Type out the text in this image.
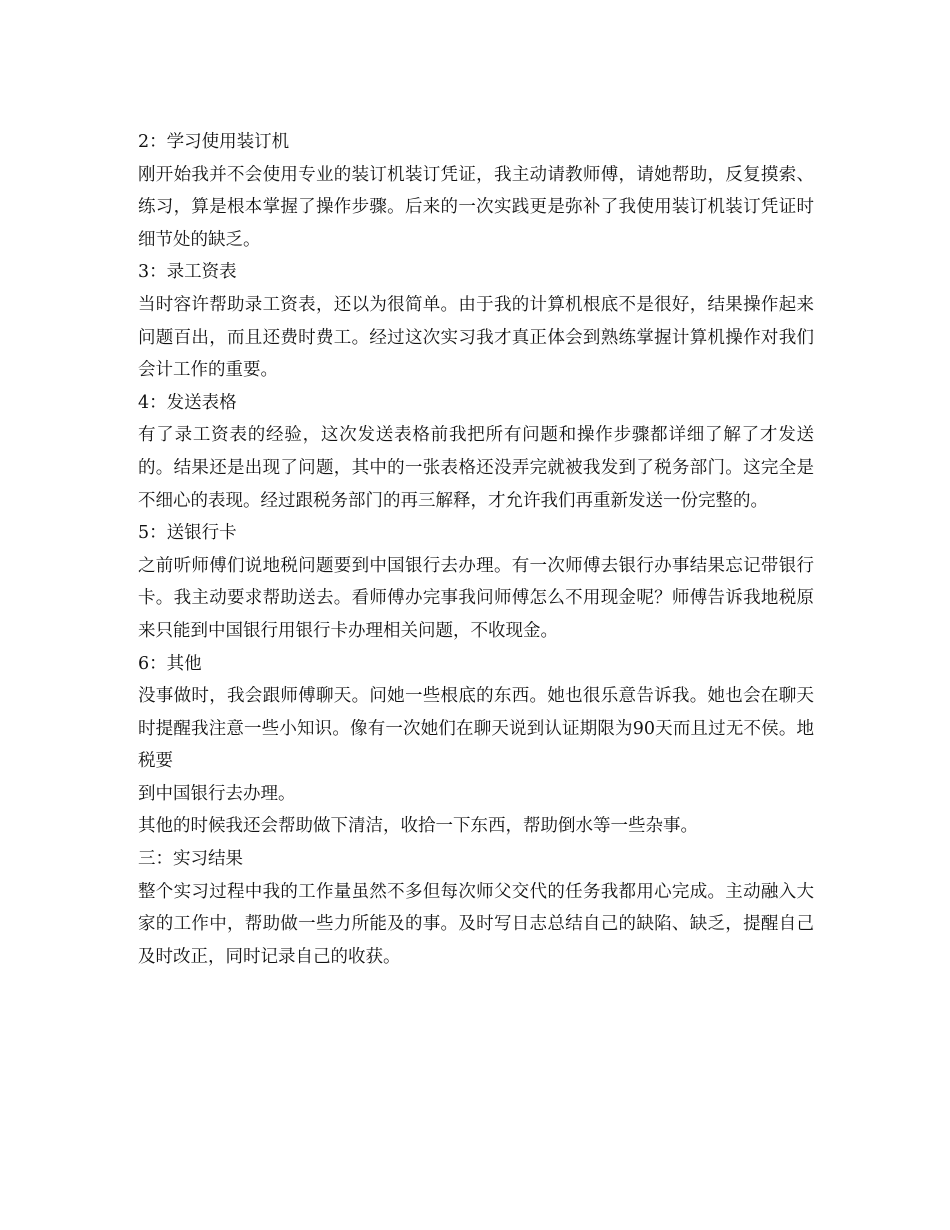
2：学习使用装订机

刚开始我并不会使用专业的装订机装订凭证，我主动请教师傅，请她帮助，反复摸索、练习，算是根本掌握了操作步骤。后来的一次实践更是弥补了我使用装订机装订凭证时细节处的缺乏。

3：录工资表

当时容许帮助录工资表，还以为很简单。由于我的计算机根底不是很好，结果操作起来问题百出，而且还费时费工。经过这次实习我才真正体会到熟练掌握计算机操作对我们会计工作的重要。

4：发送表格

有了录工资表的经验，这次发送表格前我把所有问题和操作步骤都详细了解了才发送的。结果还是出现了问题，其中的一张表格还没弄完就被我发到了税务部门。这完全是不细心的表现。经过跟税务部门的再三解释，才允许我们再重新发送一份完整的。

5：送银行卡

之前听师傅们说地税问题要到中国银行去办理。有一次师傅去银行办事结果忘记带银行卡。我主动要求帮助送去。看师傅办完事我问师傅怎么不用现金呢？师傅告诉我地税原来只能到中国银行用银行卡办理相关问题，不收现金。

6：其他

没事做时，我会跟师傅聊天。问她一些根底的东西。她也很乐意告诉我。她也会在聊天时提醒我注意一些小知识。像有一次她们在聊天说到认证期限为90天而且过无不侯。地税要

到中国银行去办理。

其他的时候我还会帮助做下清洁，收拾一下东西，帮助倒水等一些杂事。

三：实习结果

整个实习过程中我的工作量虽然不多但每次师父交代的任务我都用心完成。主动融入大家的工作中，帮助做一些力所能及的事。及时写日志总结自己的缺陷、缺乏，提醒自己及时改正，同时记录自己的收获。
